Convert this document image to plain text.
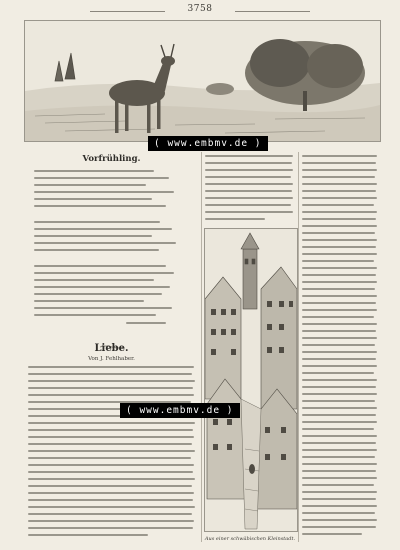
3758
( www.embmv.de )
Vorfrühling.
Liebe.
Von J. Fehlhaber.
( www.embmv.de )
Aus einer schwäbischen Kleinstadt.
